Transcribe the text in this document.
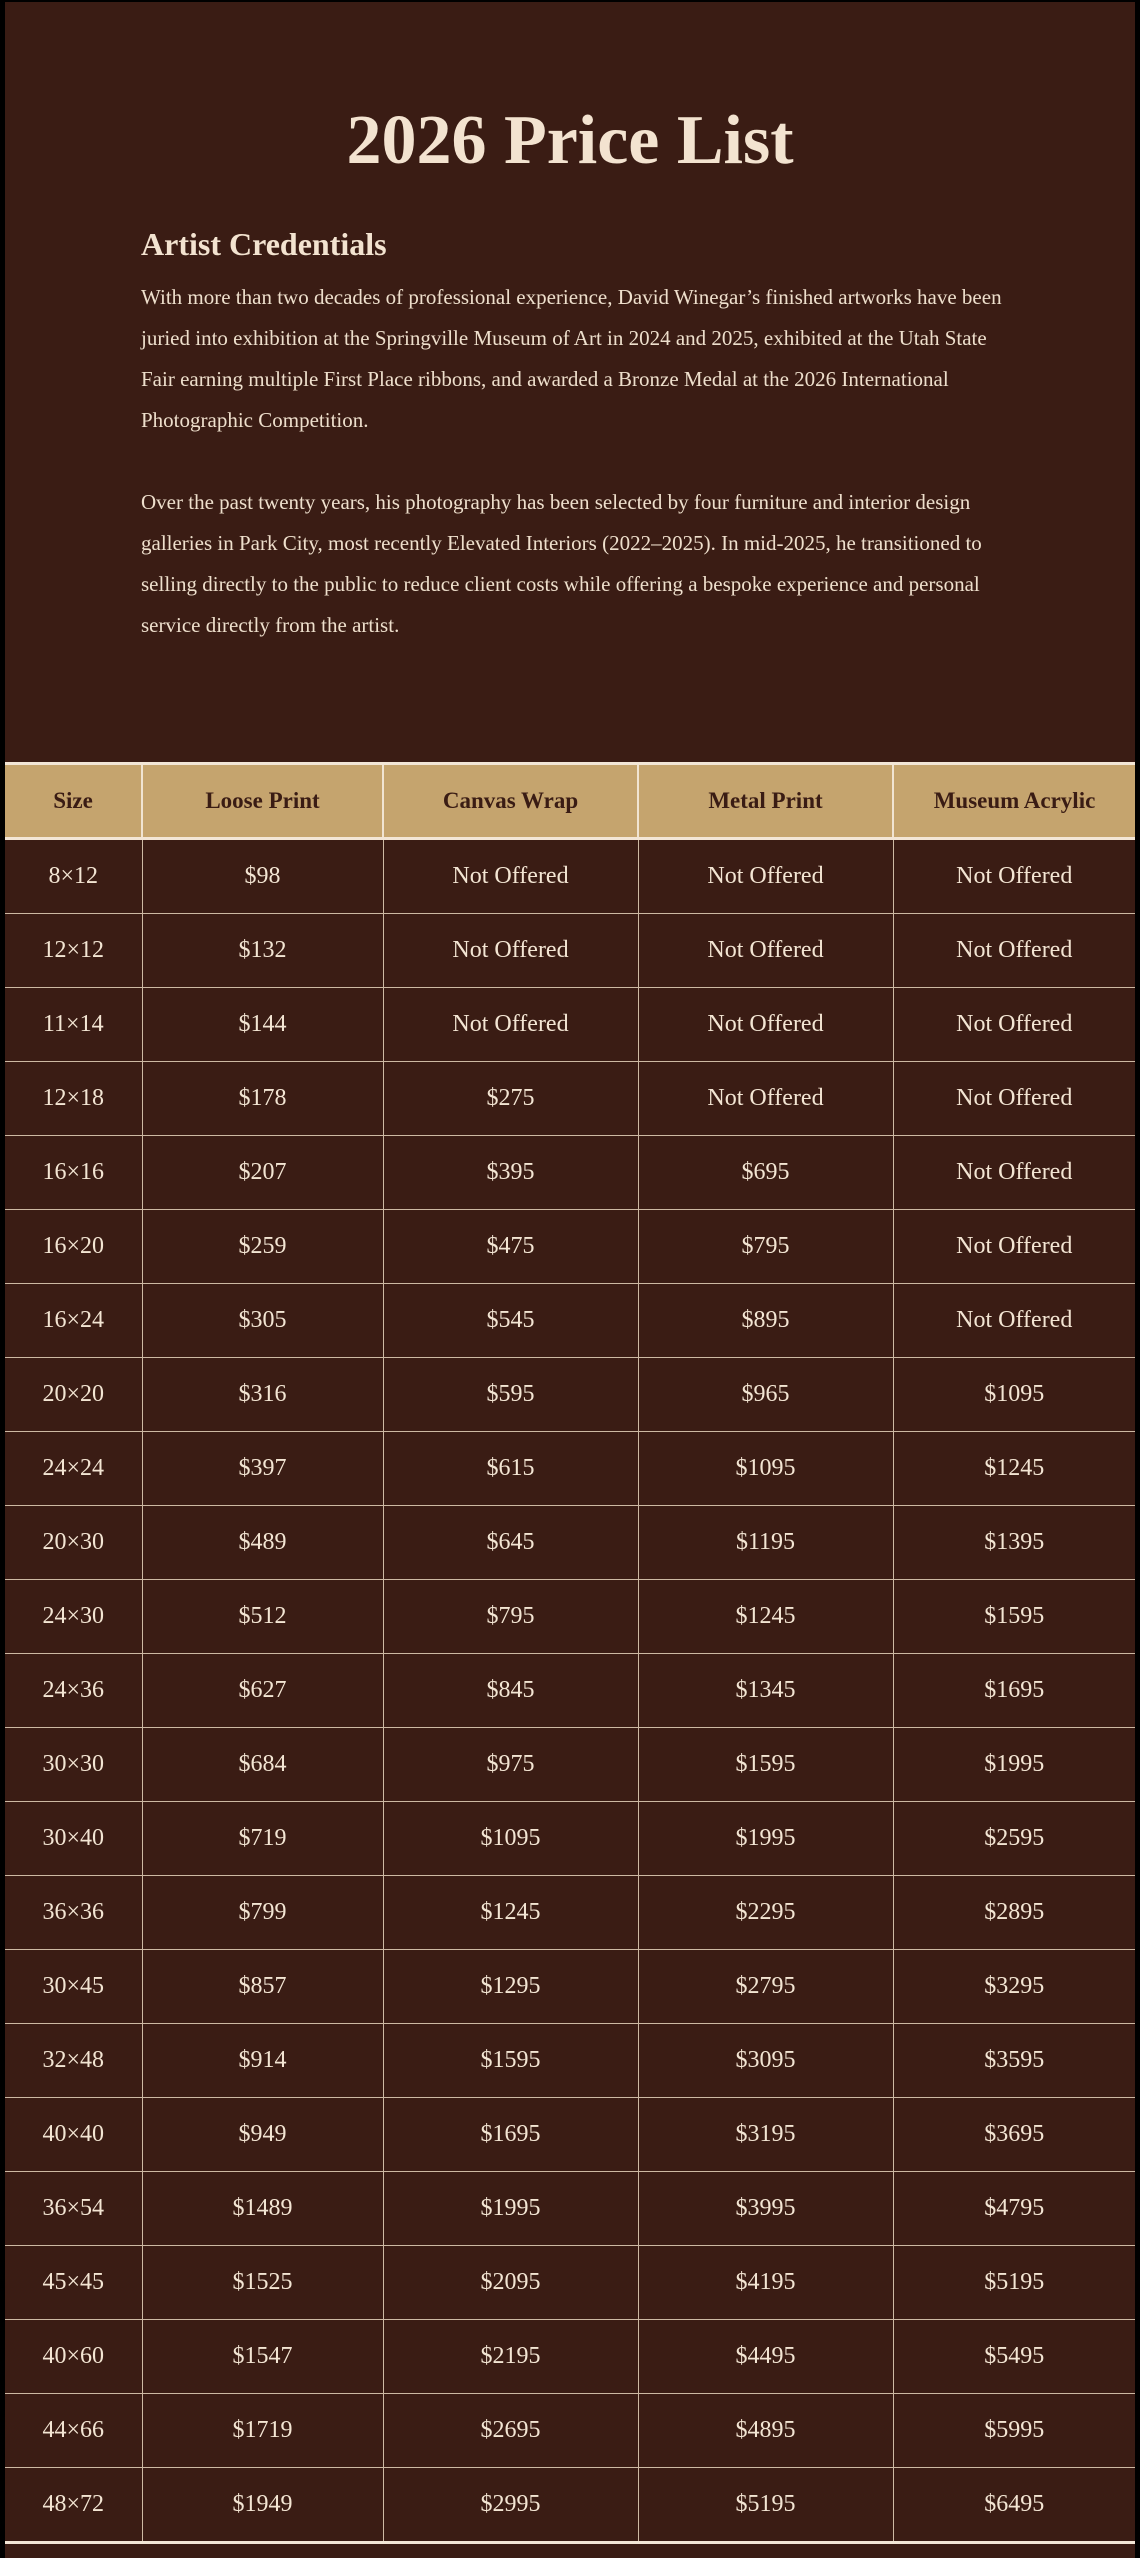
2026 Price List
Artist Credentials

With more than two decades of professional experience, David Winegar’s finished artworks have been juried into exhibition at the Springville Museum of Art in 2024 and 2025, exhibited at the Utah State Fair earning multiple First Place ribbons, and awarded a Bronze Medal at the 2026 International Photographic Competition.

Over the past twenty years, his photography has been selected by four furniture and interior design galleries in Park City, most recently Elevated Interiors (2022–2025). In mid-2025, he transitioned to selling directly to the public to reduce client costs while offering a bespoke experience and personal service directly from the artist.

Size	Loose Print	Canvas Wrap	Metal Print	Museum Acrylic
8×12	$98	Not Offered	Not Offered	Not Offered
12×12	$132	Not Offered	Not Offered	Not Offered
11×14	$144	Not Offered	Not Offered	Not Offered
12×18	$178	$275	Not Offered	Not Offered
16×16	$207	$395	$695	Not Offered
16×20	$259	$475	$795	Not Offered
16×24	$305	$545	$895	Not Offered
20×20	$316	$595	$965	$1095
24×24	$397	$615	$1095	$1245
20×30	$489	$645	$1195	$1395
24×30	$512	$795	$1245	$1595
24×36	$627	$845	$1345	$1695
30×30	$684	$975	$1595	$1995
30×40	$719	$1095	$1995	$2595
36×36	$799	$1245	$2295	$2895
30×45	$857	$1295	$2795	$3295
32×48	$914	$1595	$3095	$3595
40×40	$949	$1695	$3195	$3695
36×54	$1489	$1995	$3995	$4795
45×45	$1525	$2095	$4195	$5195
40×60	$1547	$2195	$4495	$5495
44×66	$1719	$2695	$4895	$5995
48×72	$1949	$2995	$5195	$6495
